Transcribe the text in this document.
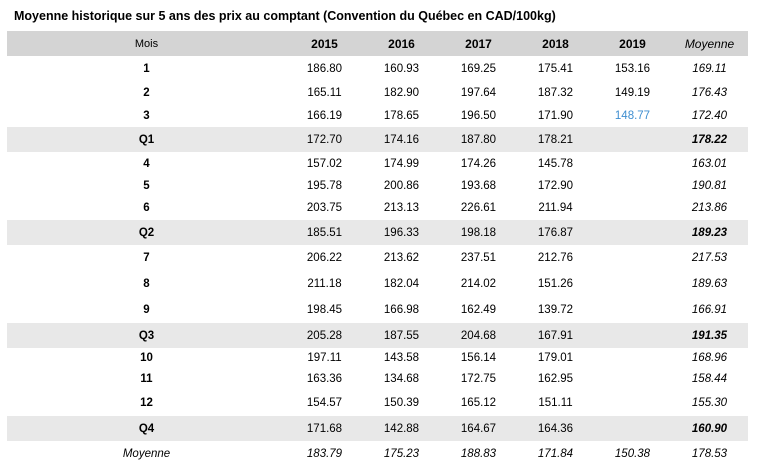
Moyenne historique sur 5 ans des prix au comptant (Convention du Québec en CAD/100kg)
Mois	2015	2016	2017	2018	2019	Moyenne
1	186.80	160.93	169.25	175.41	153.16	169.11
2	165.11	182.90	197.64	187.32	149.19	176.43
3	166.19	178.65	196.50	171.90	148.77	172.40
Q1	172.70	174.16	187.80	178.21		178.22
4	157.02	174.99	174.26	145.78		163.01
5	195.78	200.86	193.68	172.90		190.81
6	203.75	213.13	226.61	211.94		213.86
Q2	185.51	196.33	198.18	176.87		189.23
7	206.22	213.62	237.51	212.76		217.53
8	211.18	182.04	214.02	151.26		189.63
9	198.45	166.98	162.49	139.72		166.91
Q3	205.28	187.55	204.68	167.91		191.35
10	197.11	143.58	156.14	179.01		168.96
11	163.36	134.68	172.75	162.95		158.44
12	154.57	150.39	165.12	151.11		155.30
Q4	171.68	142.88	164.67	164.36		160.90
Moyenne	183.79	175.23	188.83	171.84	150.38	178.53
